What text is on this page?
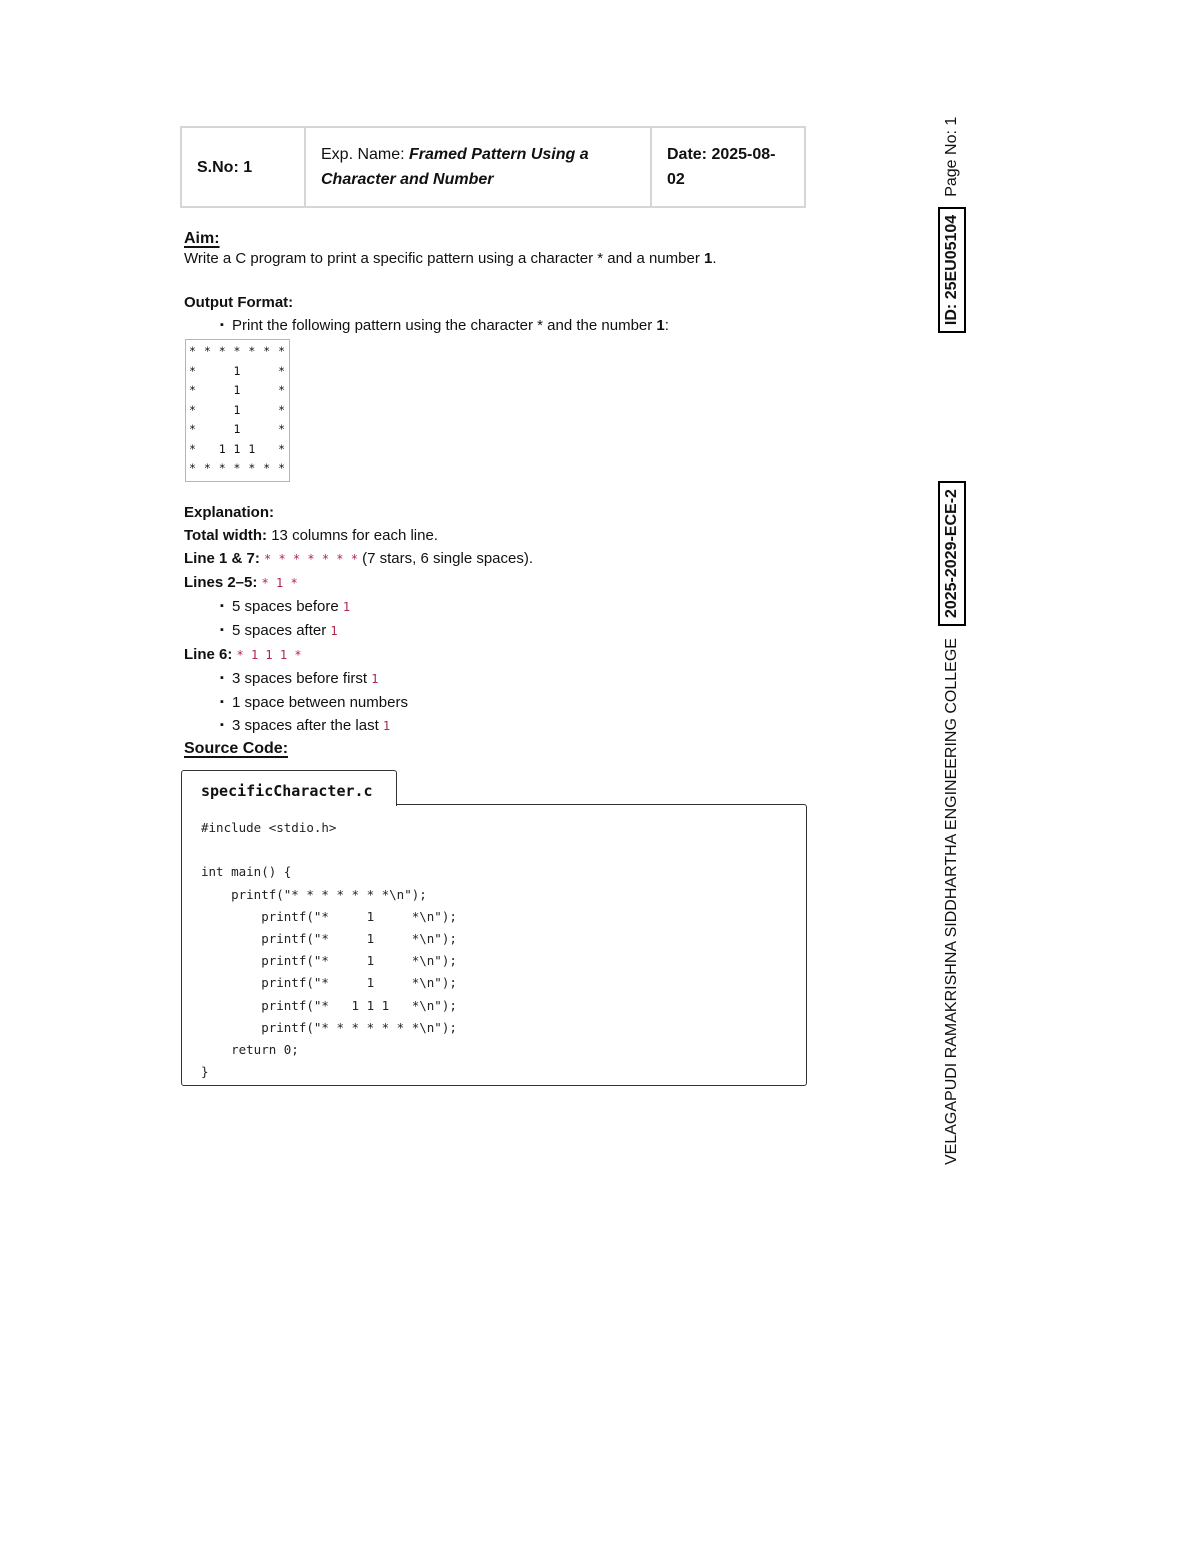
S.No: 1
Exp. Name: Framed Pattern Using a
Character and Number
Date: 2025-08-
02
Aim:

Write a C program to print a specific pattern using a character * and a number 1.

Output Format:

▪ Print the following pattern using the character * and the number 1:
* * * * * * *
*     1     *
*     1     *
*     1     *
*     1     *
*   1 1 1   *
* * * * * * *

Explanation:

Total width: 13 columns for each line.

Line 1 & 7: * * * * * * * (7 stars, 6 single spaces).

Lines 2–5: * 1 *

▪ 5 spaces before 1
▪ 5 spaces after 1

Line 6: * 1 1 1 *

▪ 3 spaces before first 1
▪ 1 space between numbers
▪ 3 spaces after the last 1
Source Code:
specificCharacter.c
#include <stdio.h>

int main() {
printf("* * * * * * *\n");
printf("*     1     *\n");
printf("*     1     *\n");
printf("*     1     *\n");
printf("*     1     *\n");
printf("*   1 1 1   *\n");
printf("* * * * * * *\n");
return 0;
}	VELAGAPUDI RAMAKRISHNA SIDDHARTHA ENGINEERING COLLEGE
2025-2029-ECE-2
ID: 25EU05104
Page No: 1
